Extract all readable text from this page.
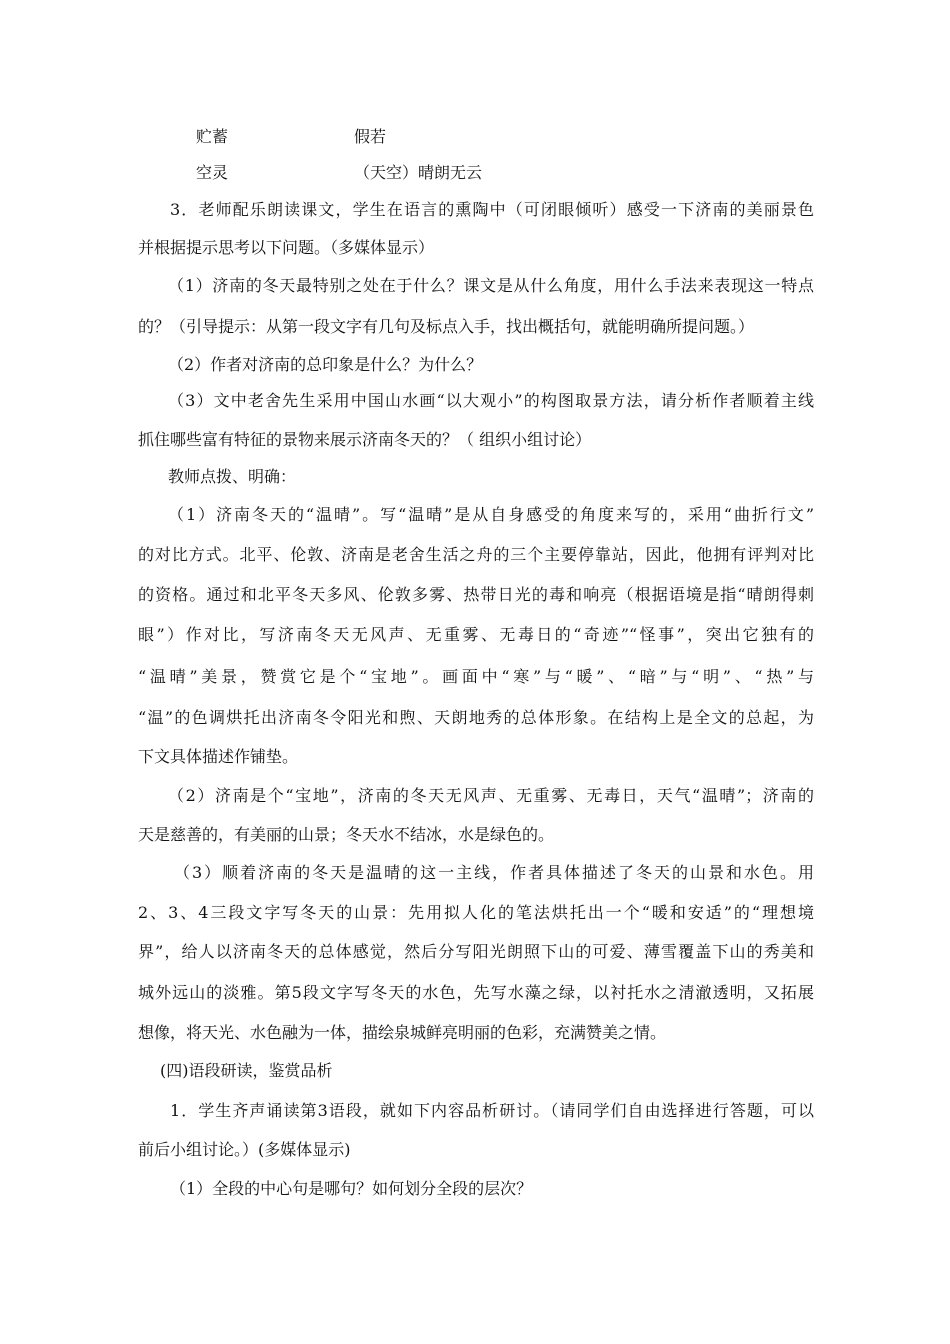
贮蓄	假若
空灵	（天空）晴朗无云
3．老师配乐朗读课文，学生在语言的熏陶中（可闭眼倾听）感受一下济南的美丽景色
并根据提示思考以下问题。（多媒体显示）
（1）济南的冬天最特别之处在于什么？课文是从什么角度，用什么手法来表现这一特点
的？（引导提示：从第一段文字有几句及标点入手，找出概括句，就能明确所提问题。）
（2）作者对济南的总印象是什么？为什么？
（3）文中老舍先生采用中国山水画“以大观小”的构图取景方法，请分析作者顺着主线
抓住哪些富有特征的景物来展示济南冬天的？（ 组织小组讨论）
教师点拨、明确：
（1）济南冬天的“温晴”。写“温晴”是从自身感受的角度来写的，采用“曲折行文”
的对比方式。北平、伦敦、济南是老舍生活之舟的三个主要停靠站，因此，他拥有评判对比
的资格。通过和北平冬天多风、伦敦多雾、热带日光的毒和响亮（根据语境是指“晴朗得刺
眼”）作对比，写济南冬天无风声、无重雾、无毒日的“奇迹”“怪事”，突出它独有的
“温晴”美景，赞赏它是个“宝地”。画面中“寒”与“暖”、“暗”与“明”、“热”与
“温”的色调烘托出济南冬令阳光和煦、天朗地秀的总体形象。在结构上是全文的总起，为
下文具体描述作铺垫。
（2）济南是个“宝地”，济南的冬天无风声、无重雾、无毒日，天气“温晴”；济南的
天是慈善的，有美丽的山景；冬天水不结冰，水是绿色的。
（3）顺着济南的冬天是温晴的这一主线，作者具体描述了冬天的山景和水色。用
2、3、4三段文字写冬天的山景：先用拟人化的笔法烘托出一个“暖和安适”的“理想境
界”，给人以济南冬天的总体感觉，然后分写阳光朗照下山的可爱、薄雪覆盖下山的秀美和
城外远山的淡雅。第5段文字写冬天的水色，先写水藻之绿，以衬托水之清澈透明，又拓展
想像，将天光、水色融为一体，描绘泉城鲜亮明丽的色彩，充满赞美之情。
(四)语段研读，鉴赏品析
1．学生齐声诵读第3语段，就如下内容品析研讨。（请同学们自由选择进行答题，可以
前后小组讨论。）(多媒体显示)
（1）全段的中心句是哪句？如何划分全段的层次？
